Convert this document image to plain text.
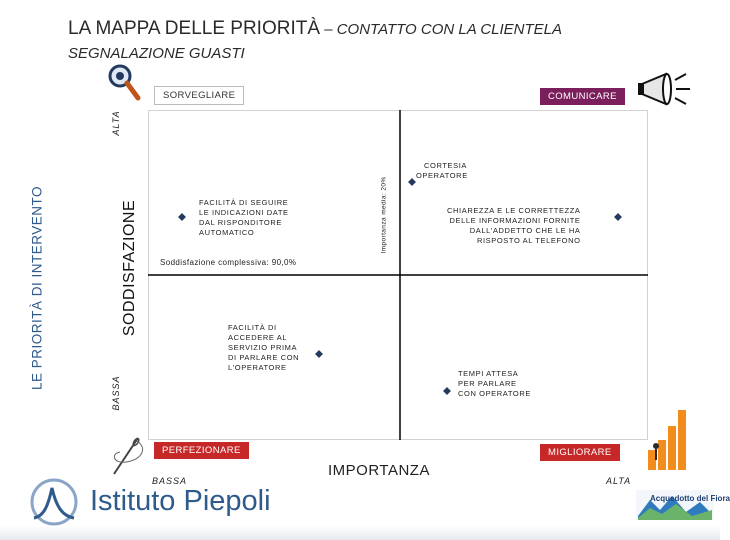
LA MAPPA DELLE PRIORITÀ – CONTATTO CON LA CLIENTELA
SEGNALAZIONE GUASTI
LE PRIORITÀ DI INTERVENTO	SODDISFAZIONE
ALTA
BASSA
Importanza media: 20%
Soddisfazione complessiva: 90,0%
SORVEGLIARE	COMUNICARE
PERFEZIONARE	MIGLIORARE
CORTESIA
OPERATORE
FACILITÀ DI SEGUIRE
LE INDICAZIONI DATE
DAL RISPONDITORE
AUTOMATICO
CHIAREZZA E LE CORRETTEZZA
DELLE INFORMAZIONI FORNITE
DALL'ADDETTO CHE LE HA
RISPOSTO AL TELEFONO
FACILITÀ DI
ACCEDERE AL
SERVIZIO PRIMA
DI PARLARE CON
L'OPERATORE
TEMPI ATTESA
PER PARLARE
CON OPERATORE
IMPORTANZA
BASSA	ALTA
Istituto Piepoli	Acquedotto del Fiora
